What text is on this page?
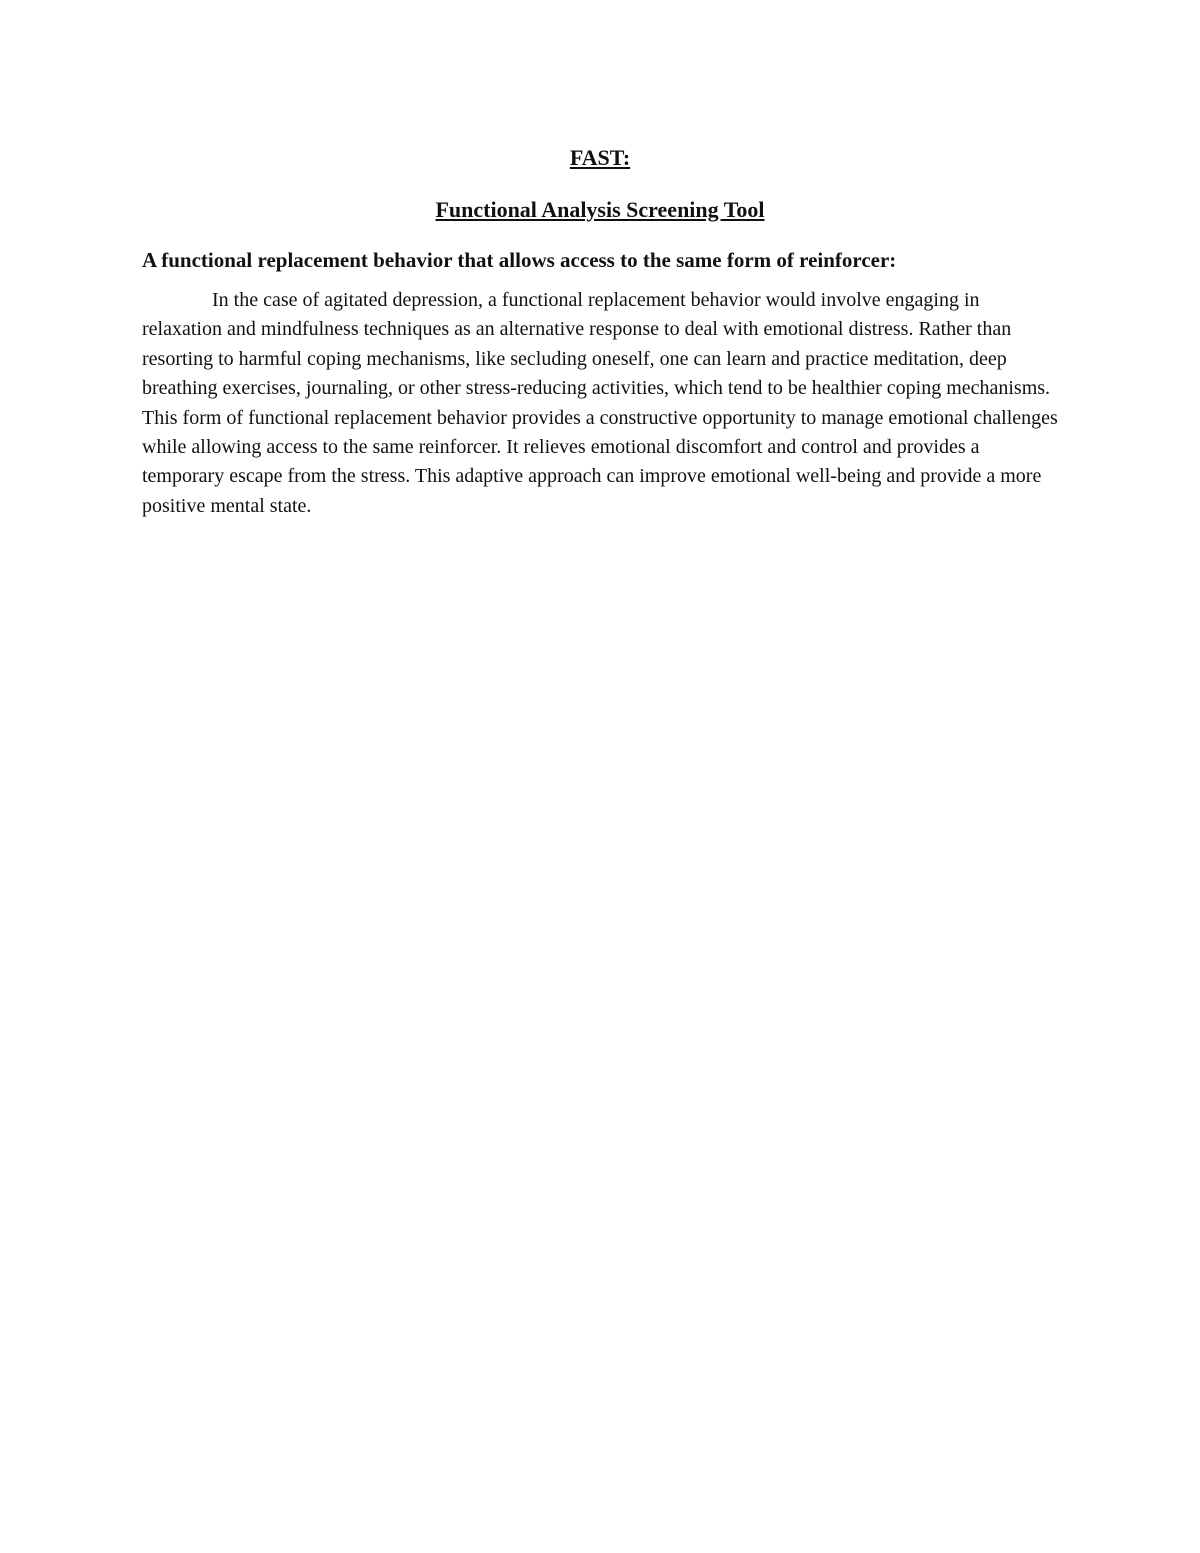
FAST:

Functional Analysis Screening Tool

A functional replacement behavior that allows access to the same form of reinforcer:

In the case of agitated depression, a functional replacement behavior would involve engaging in relaxation and mindfulness techniques as an alternative response to deal with emotional distress. Rather than resorting to harmful coping mechanisms, like secluding oneself, one can learn and practice meditation, deep breathing exercises, journaling, or other stress-reducing activities, which tend to be healthier coping mechanisms. This form of functional replacement behavior provides a constructive opportunity to manage emotional challenges while allowing access to the same reinforcer. It relieves emotional discomfort and control and provides a temporary escape from the stress. This adaptive approach can improve emotional well-being and provide a more positive mental state.
